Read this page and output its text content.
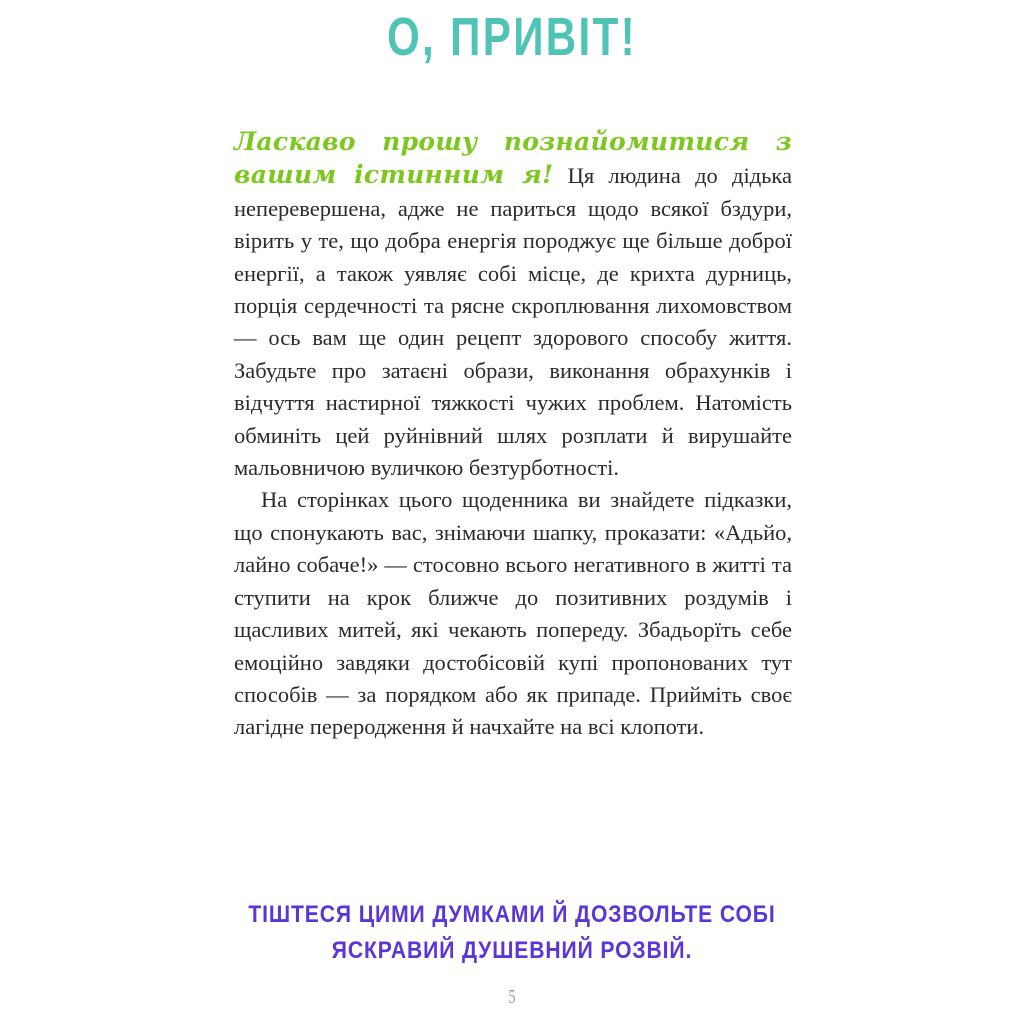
О, ПРИВІТ!

Ласкаво прошу познайомитися з вашим істинним я! Ця людина до дідька неперевершена, адже не париться щодо всякої бздури, вірить у те, що добра енергія породжує ще більше доброї енергії, а також уявляє собі місце, де крихта дурниць, порція сердечності та рясне скроплювання лихомовством — ось вам ще один рецепт здорового способу життя. Забудьте про затаєні образи, виконання обрахунків і відчуття настирної тяжкості чужих проблем. Натомість обминіть цей руйнівний шлях розплати й вирушайте мальовничою вуличкою безтурботності.

На сторінках цього щоденника ви знайдете підказки, що спонукають вас, знімаючи шапку, проказати: «Адьйо, лайно собаче!» — стосовно всього негативного в житті та ступити на крок ближче до позитивних роздумів і щасливих митей, які чекають попереду. Збадьорїть себе емоційно завдяки достобісовій купі пропонованих тут способів — за порядком або як припаде. Прийміть своє лагідне переродження й начхайте на всі клопоти.

ТІШТЕСЯ ЦИМИ ДУМКАМИ Й ДОЗВОЛЬТЕ СОБІ
ЯСКРАВИЙ ДУШЕВНИЙ РОЗВІЙ.
5
